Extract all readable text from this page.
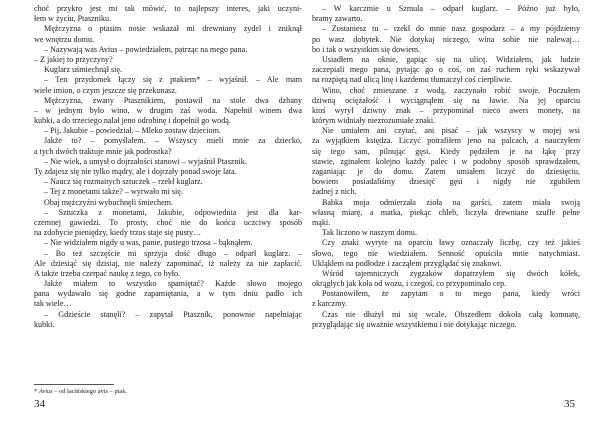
choć przykro jest mi tak mówić, to najlepszy interes, jaki uczyni-
łem w życiu, Ptaszniku.
Mężczyzna o ptasim nosie wskazał mi drewniany zydel i zniknął
we wnętrzu domu.
– Nazywają was Avius – powiedziałem, patrząc na mego pana.
– Z jakiej to przyczyny?
Kuglarz uśmiechnął się.
– Ten przydomek łączy się z ptakiem* – wyjaśnił. – Ale mam
wiele imion, o czym jeszcze się przekonasz.
Mężczyzna, zwany Ptasznikiem, postawił na stole dwa dzbany
– w jednym było wino, w drugim zaś woda. Napełnił winem dwa
kubki, a do trzeciego nalał jeno odrobinę i dopełnił go wodą.
– Pij, Jakubie – powiedział. – Mleko zostaw dzieciom.
Jakże to? – pomyślałem. – Wszyscy mieli mnie za dziecko,
a tych dwóch traktuje mnie jak podrostka?
– Nie wiek, a umysł o dojrzałości stanowi – wyjaśnił Ptasznik.
Ty zdajesz się nie tylko mądry, ale i dojrzały ponad swoje lata.
– Naucz się rozmaitych sztuczek – rzekł kuglarz.
– Tej z monetami także? – wyrwało mi się.
Obaj mężczyźni wybuchnęli śmiechem.
– Sztuczka z monetami, Jakubie, odpowiednia jest dla kar-
czemnej gawiedzi. To prosty, choć nie do końca uczciwy sposób
na zdobycie pieniędzy, kiedy trzos staje się pusty…
– Nie widziałem nigdy u was, panie, pustego trzosa – bąknąłem.
– Bo też szczęście mi sprzyja dość długo – odparł kuglarz. –
Ale dziesiąć się dzisiaj, nie należy zapominać, iż należy za nie zapłacić.
A także trzeba czerpać naukę z tego, co było.
Jakże miałem to wszystko spamiętać? Każde słowo mojego
pana wydawało się godne zapamiętania, a w tym dniu padło ich
tak wiele…
– Gdzieście stanęli? – zapytał Ptasznik, ponownie napełniając
kubki.
– W karczmie u Szmula – odparł kuglarz. – Późno już było,
bramy zawarto.
– Zostaniesz tu – rzekł do mnie nasz gospodarz – a my pójdziemy
po wasz dobytek. Nie dotykaj niczego, wina sobie nie nalewaj…
bo i tak o wszystkim się dowiem.
Usiadłem na oknie, gapiąc się na ulicę. Widziałem, jak ludzie
zaczepiali mego pana, pytając go o coś, on zaś ruchem ręki wskazywał
na rozpiętą nad ulicą linę i każdemu tłumaczył coś cierpliwie.
Wino, choć zmieszane z wodą, zaczynało robić swoje. Poczułem
dziwną ociężałość i wyciągnąłem się na ławie. Na jej oparciu
ktoś wyrył dziwny znak – przypominał nieco awers monety, na
którym widniały niezrozumiałe znaki.
Nie umiałem ani czytać, ani pisać – jak wszyscy w mojej wsi
za wyjątkiem księdza. Liczyć potrafiłem jeno na palcach, a nauczyłem
się tego sam, pilnując gęsi. Kiedy pędziłem je na łąkę przy
stawie, zginałem kolejno każdy palec i w podobny sposób sprawdzałem,
zaganiając je do domu. Zatem umiałem liczyć do dziesięciu,
bowiem posiadaliśmy dziesięć gęsi i nigdy nie zgubiłem
żadnej z nich.
Babka moja odmierzała zioła na garści, zatem miała swoją
własną miarę, a matka, piekąc chleb, liczyła drewniane szufle pełne
mąki.
Tak liczono w naszym domu.
Czy znaki wyryte na oparciu ławy oznaczały liczbę, czy też jakieś
słowo, tego nie wiedziałem. Senność opuściła mnie natychmiast.
Ukląkłem na podłodze i zacząłem przyglądać się znakowi.
Wśród tajemniczych zygzaków dopatrzyłem się dwóch kółek,
okrągłych jak koła od wozu, i czegoś, co przypominało cep.
Postanowiłem, że zapytam o to mego pana, kiedy wróci
z karczmy.
Czas nie dłużył mi się wcale. Obszedłem dokoła całą komnatę,
przyglądając się uważnie wszystkiemu i nie dotykając niczego.
* Avius – od łacińskiego avis – ptak.
34	35
